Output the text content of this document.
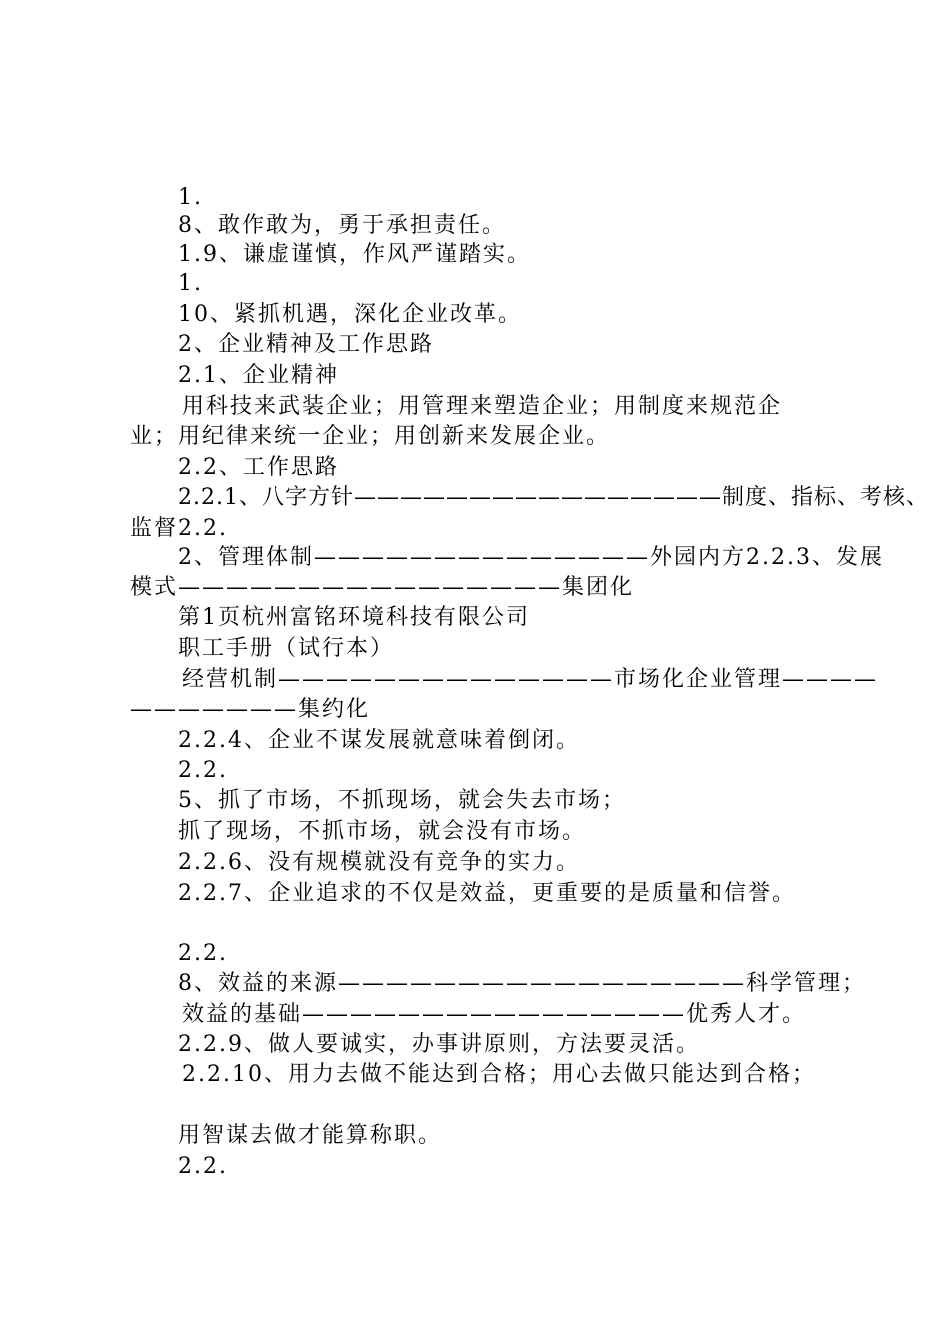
1.
8、敢作敢为，勇于承担责任。
1.9、谦虚谨慎，作风严谨踏实。
1.
10、紧抓机遇，深化企业改革。
2、企业精神及工作思路
2.1、企业精神
用科技来武装企业；用管理来塑造企业；用制度来规范企
业；用纪律来统一企业；用创新来发展企业。
2.2、工作思路
2.2.1、八字方针————————————————制度、指标、考核、
监督2.2.
2、管理体制——————————————外园内方2.2.3、发展
模式————————————————集团化
第1页杭州富铭环境科技有限公司
职工手册（试行本）
经营机制——————————————市场化企业管理————
———————集约化
2.2.4、企业不谋发展就意味着倒闭。
2.2.
5、抓了市场，不抓现场，就会失去市场；
抓了现场，不抓市场，就会没有市场。
2.2.6、没有规模就没有竞争的实力。
2.2.7、企业追求的不仅是效益，更重要的是质量和信誉。
2.2.
8、效益的来源—————————————————科学管理；
效益的基础————————————————优秀人才。
2.2.9、做人要诚实，办事讲原则，方法要灵活。
2.2.10、用力去做不能达到合格；用心去做只能达到合格；
用智谋去做才能算称职。
2.2.
